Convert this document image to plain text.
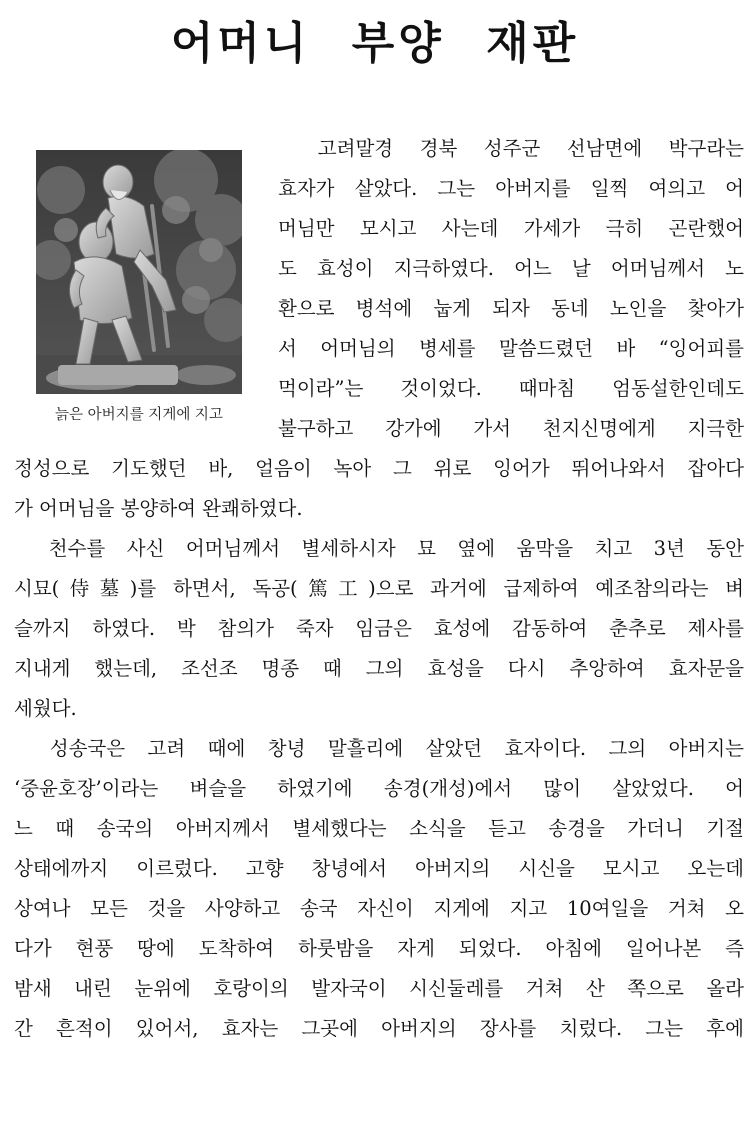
어머니 부양 재판
늙은 아버지를 지게에 지고
　고려말경 경북 성주군 선남면에 박구라는
효자가 살았다. 그는 아버지를 일찍 여의고 어
머님만 모시고 사는데 가세가 극히 곤란했어
도 효성이 지극하였다. 어느 날 어머님께서 노
환으로 병석에 눕게 되자 동네 노인을 찾아가
서 어머님의 병세를 말씀드렸던 바 “잉어피를
먹이라”는 것이었다. 때마침 엄동설한인데도
불구하고 강가에 가서 천지신명에게 지극한
정성으로 기도했던 바, 얼음이 녹아 그 위로 잉어가 뛰어나와서 잡아다
가 어머님을 봉양하여 완쾌하였다.
　천수를 사신 어머님께서 별세하시자 묘 옆에 움막을 치고 3년 동안
시묘(侍墓)를 하면서, 독공(篤工)으로 과거에 급제하여 예조참의라는 벼
슬까지 하였다. 박 참의가 죽자 임금은 효성에 감동하여 춘추로 제사를
지내게 했는데, 조선조 명종 때 그의 효성을 다시 추앙하여 효자문을
세웠다.
　성송국은 고려 때에 창녕 말흘리에 살았던 효자이다. 그의 아버지는
‘중윤호장’이라는 벼슬을 하였기에 송경(개성)에서 많이 살았었다. 어
느 때 송국의 아버지께서 별세했다는 소식을 듣고 송경을 가더니 기절
상태에까지 이르렀다. 고향 창녕에서 아버지의 시신을 모시고 오는데
상여나 모든 것을 사양하고 송국 자신이 지게에 지고 10여일을 거쳐 오
다가 현풍 땅에 도착하여 하룻밤을 자게 되었다. 아침에 일어나본 즉
밤새 내린 눈위에 호랑이의 발자국이 시신둘레를 거쳐 산 쪽으로 올라
간 흔적이 있어서, 효자는 그곳에 아버지의 장사를 치렀다. 그는 후에
